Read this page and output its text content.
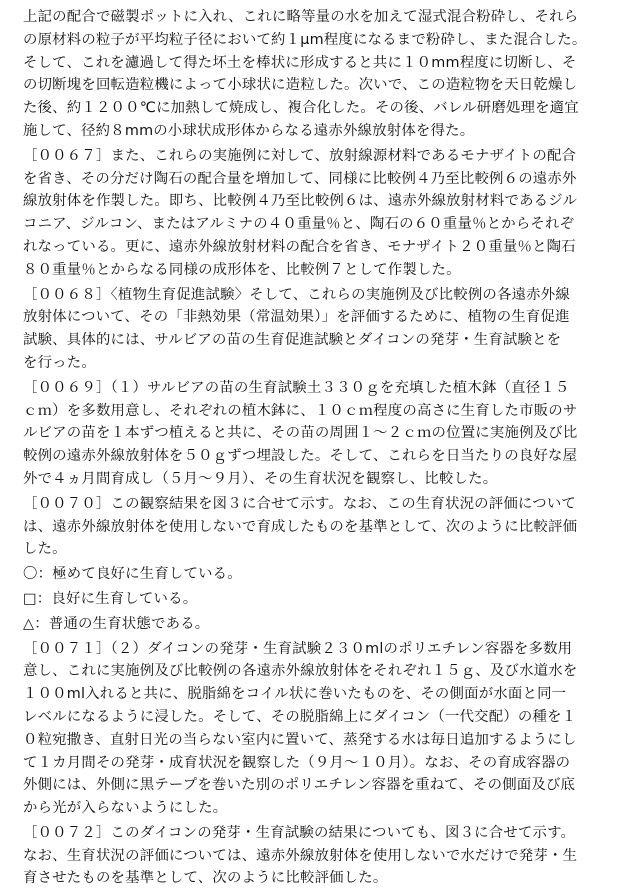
上記の配合で磁製ポットに入れ、これに略等量の水を加えて湿式混合粉砕し、それら
の原材料の粒子が平均粒子径において約１μm程度になるまで粉砕し、また混合した。
そして、これを濾過して得た坏土を棒状に形成すると共に１０mm程度に切断し、そ
の切断塊を回転造粒機によって小球状に造粒した。次いで、この造粒物を天日乾燥し
た後、約１２００℃に加熱して焼成し、複合化した。その後、バレル研磨処理を適宜
施して、径約８mmの小球状成形体からなる遠赤外線放射体を得た。
［００６７］また、これらの実施例に対して、放射線源材料であるモナザイトの配合
を省き、その分だけ陶石の配合量を増加して、同様に比較例４乃至比較例６の遠赤外
線放射体を作製した。即ち、比較例４乃至比較例６は、遠赤外線放射材料であるジル
コニア、ジルコン、またはアルミナの４０重量％と、陶石の６０重量％とからそれぞ
れなっている。更に、遠赤外線放射材料の配合を省き、モナザイト２０重量％と陶石
８０重量％とからなる同様の成形体を、比較例７として作製した。
［００６８］〈植物生育促進試験〉そして、これらの実施例及び比較例の各遠赤外線
放射体について、その「非熱効果（常温効果）」を評価するために、植物の生育促進
試験、具体的には、サルビアの苗の生育促進試験とダイコンの発芽・生育試験とを
を行った。
［００６９］（１）サルビアの苗の生育試験土３３０ｇを充填した植木鉢（直径１５
ｃｍ）を多数用意し、それぞれの植木鉢に、１０ｃｍ程度の高さに生育した市販のサ
ルビアの苗を１本ずつ植えると共に、その苗の周囲１～２ｃｍの位置に実施例及び比
較例の遠赤外線放射体を５０ｇずつ埋設した。そして、これらを日当たりの良好な屋
外で４ヵ月間育成し（５月～９月）、その生育状況を観察し、比較した。
［００７０］この観察結果を図３に合せて示す。なお、この生育状況の評価について
は、遠赤外線放射体を使用しないで育成したものを基準として、次のように比較評価
した。
〇：極めて良好に生育している。
□：良好に生育している。
△：普通の生育状態である。
［００７１］（２）ダイコンの発芽・生育試験２３０mlのポリエチレン容器を多数用
意し、これに実施例及び比較例の各遠赤外線放射体をそれぞれ１５ｇ、及び水道水を
１００ml入れると共に、脱脂綿をコイル状に巻いたものを、その側面が水面と同一
レベルになるように浸した。そして、その脱脂綿上にダイコン（一代交配）の種を１
０粒宛撒き、直射日光の当らない室内に置いて、蒸発する水は毎日追加するようにし
て１カ月間その発芽・成育状況を観察した（９月～１０月）。なお、その育成容器の
外側には、外側に黒テープを巻いた別のポリエチレン容器を重ねて、その側面及び底
から光が入らないようにした。
［００７２］このダイコンの発芽・生育試験の結果についても、図３に合せて示す。
なお、生育状況の評価については、遠赤外線放射体を使用しないで水だけで発芽・生
育させたものを基準として、次のように比較評価した。
